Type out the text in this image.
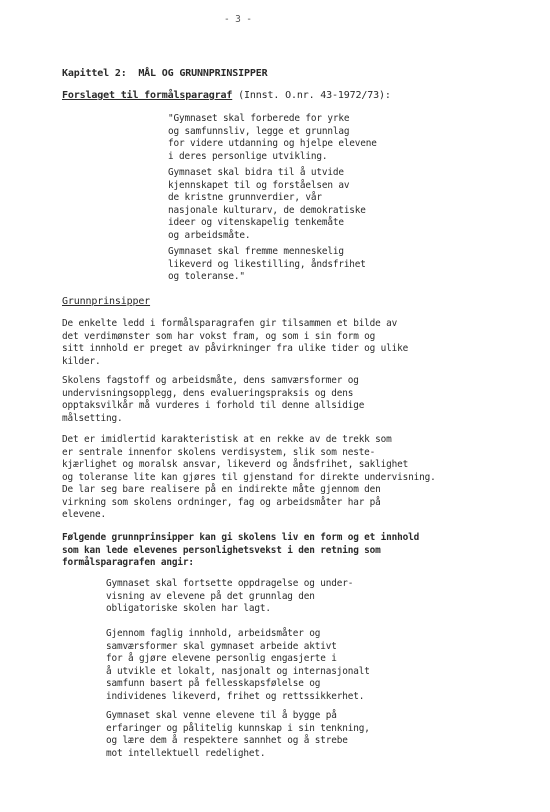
- 3 -
Kapittel 2:  MÅL OG GRUNNPRINSIPPER
Forslaget til formålsparagraf (Innst. O.nr. 43-1972/73):
"Gymnaset skal forberede for yrke
og samfunnsliv, legge et grunnlag
for videre utdanning og hjelpe elevene
i deres personlige utvikling.
Gymnaset skal bidra til å utvide
kjennskapet til og forståelsen av
de kristne grunnverdier, vår
nasjonale kulturarv, de demokratiske
ideer og vitenskapelig tenkemåte
og arbeidsmåte.
Gymnaset skal fremme menneskelig
likeverd og likestilling, åndsfrihet
og toleranse."
Grunnprinsipper
De enkelte ledd i formålsparagrafen gir tilsammen et bilde av
det verdimønster som har vokst fram, og som i sin form og
sitt innhold er preget av påvirkninger fra ulike tider og ulike
kilder.
Skolens fagstoff og arbeidsmåte, dens samværsformer og
undervisningsopplegg, dens evalueringspraksis og dens
opptaksvilkår må vurderes i forhold til denne allsidige
målsetting.
Det er imidlertid karakteristisk at en rekke av de trekk som
er sentrale innenfor skolens verdisystem, slik som neste-
kjærlighet og moralsk ansvar, likeverd og åndsfrihet, saklighet
og toleranse lite kan gjøres til gjenstand for direkte undervisning.
De lar seg bare realisere på en indirekte måte gjennom den
virkning som skolens ordninger, fag og arbeidsmåter har på
elevene.
Følgende grunnprinsipper kan gi skolens liv en form og et innhold
som kan lede elevenes personlighetsvekst i den retning som
formålsparagrafen angir:
Gymnaset skal fortsette oppdragelse og under-
visning av elevene på det grunnlag den
obligatoriske skolen har lagt.
Gjennom faglig innhold, arbeidsmåter og
samværsformer skal gymnaset arbeide aktivt
for å gjøre elevene personlig engasjerte i
å utvikle et lokalt, nasjonalt og internasjonalt
samfunn basert på fellesskapsfølelse og
individenes likeverd, frihet og rettssikkerhet.
Gymnaset skal venne elevene til å bygge på
erfaringer og pålitelig kunnskap i sin tenkning,
og lære dem å respektere sannhet og å strebe
mot intellektuell redelighet.
